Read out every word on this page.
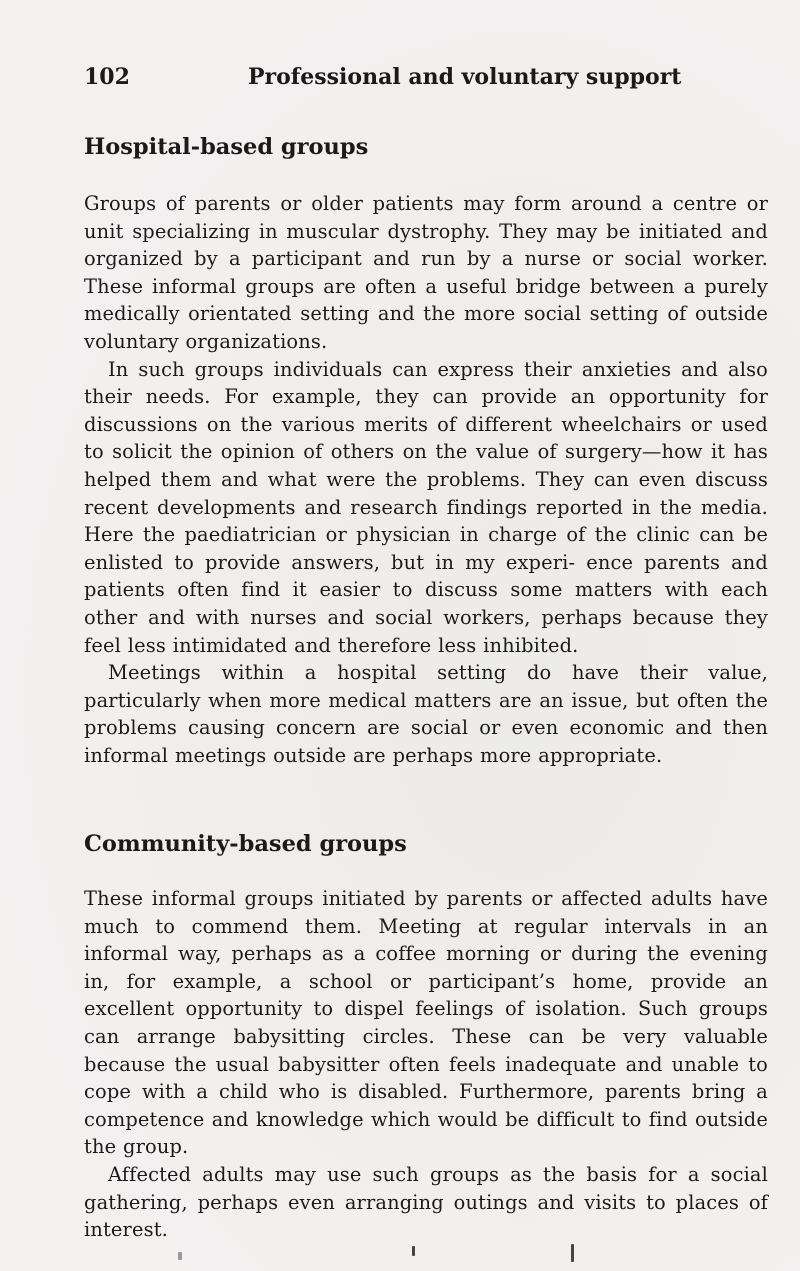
102	Professional and voluntary support
Hospital-based groups

Groups of parents or older patients may form around a centre or unit specializing in muscular dystrophy. They may be initiated and organized by a participant and run by a nurse or social worker. These informal groups are often a useful bridge between a purely medically orientated setting and the more social setting of outside voluntary organizations.

In such groups individuals can express their anxieties and also their needs. For example, they can provide an opportunity for discussions on the various merits of different wheelchairs or used to solicit the opinion of others on the value of surgery—how it has helped them and what were the problems. They can even discuss recent developments and research findings reported in the media. Here the paediatrician or physician in charge of the clinic can be enlisted to provide answers, but in my experi- ence parents and patients often find it easier to discuss some matters with each other and with nurses and social workers, perhaps because they feel less intimidated and therefore less inhibited.

Meetings within a hospital setting do have their value, particularly when more medical matters are an issue, but often the problems causing concern are social or even economic and then informal meetings outside are perhaps more appropriate.

Community-based groups

These informal groups initiated by parents or affected adults have much to commend them. Meeting at regular intervals in an informal way, perhaps as a coffee morning or during the evening in, for example, a school or participant’s home, provide an excellent opportunity to dispel feelings of isolation. Such groups can arrange babysitting circles. These can be very valuable because the usual babysitter often feels inadequate and unable to cope with a child who is disabled. Furthermore, parents bring a competence and knowledge which would be difficult to find outside the group.

Affected adults may use such groups as the basis for a social gathering, perhaps even arranging outings and visits to places of interest.
